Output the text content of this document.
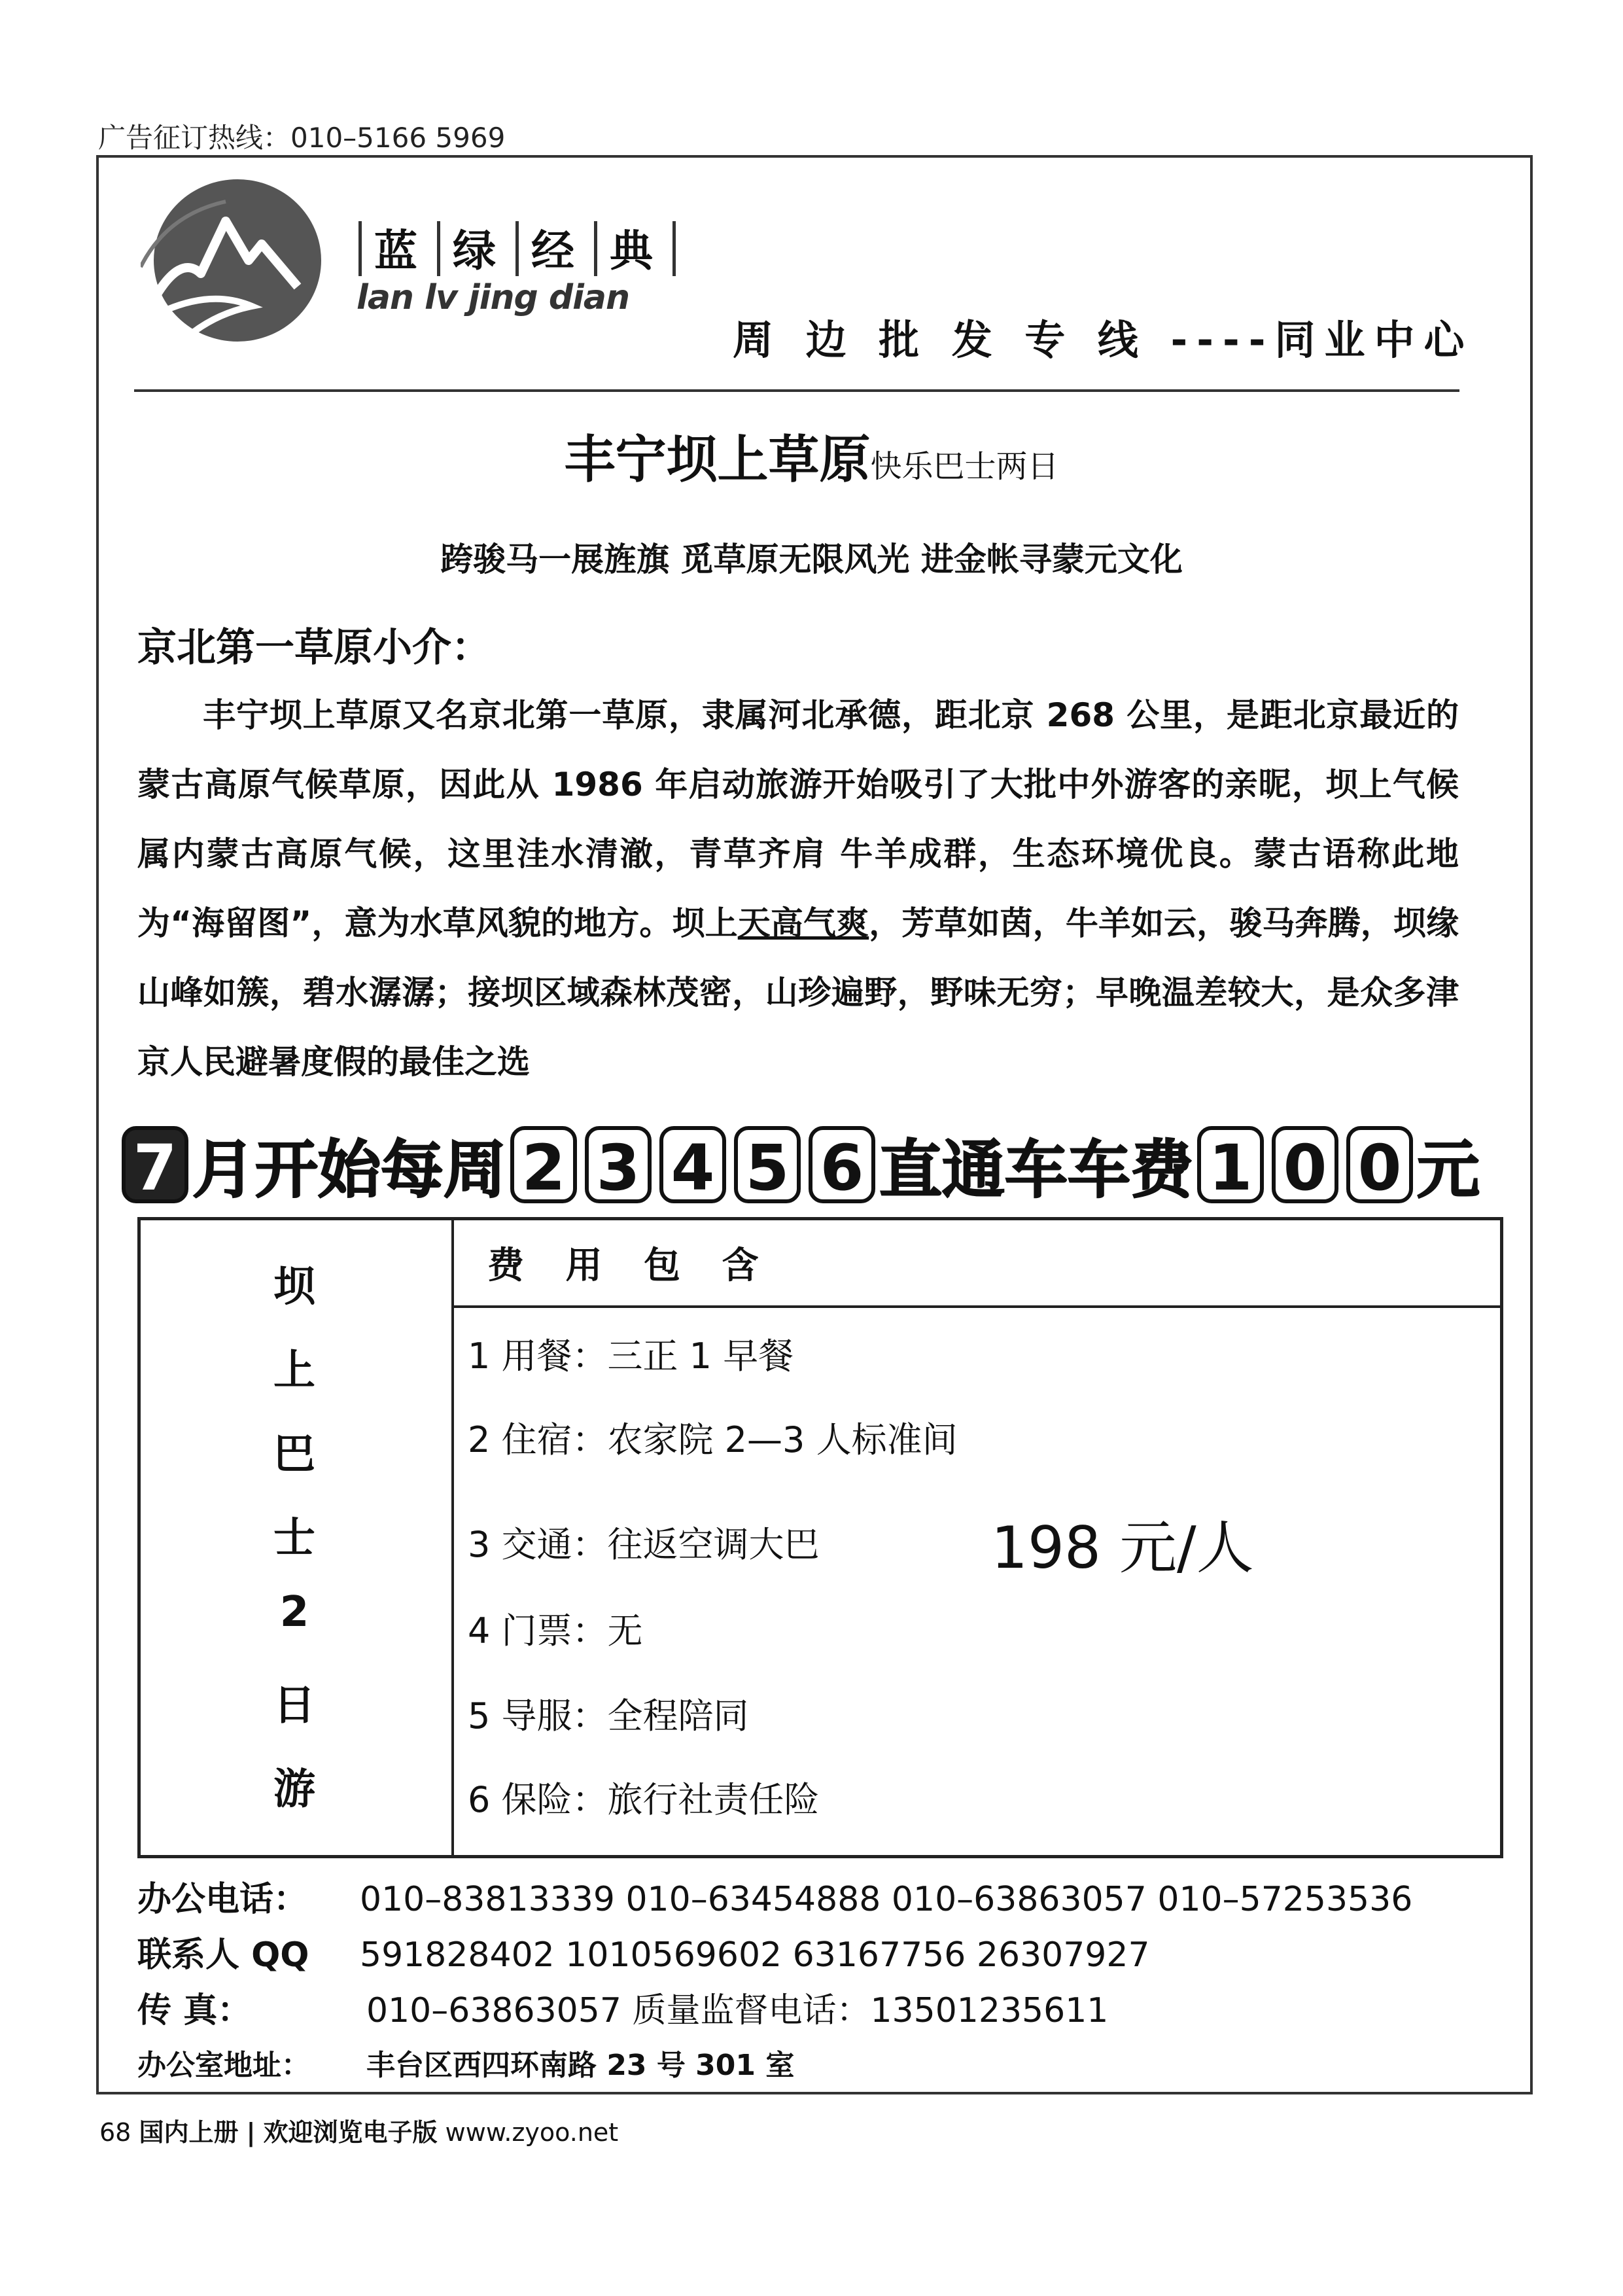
广告征订热线：010–5166 5969
蓝 绿 经 典
lan lv jing dian
周 边 批 发 专 线 ----同业中心
丰宁坝上草原快乐巴士两日
跨骏马一展旌旗 觅草原无限风光 进金帐寻蒙元文化
京北第一草原小介：
丰宁坝上草原又名京北第一草原，隶属河北承德，距北京 268 公里，是距北京最近的蒙古高原气候草原，因此从 1986 年启动旅游开始吸引了大批中外游客的亲昵，坝上气候属内蒙古高原气候，这里洼水清澈，青草齐肩 牛羊成群，生态环境优良。蒙古语称此地为“海留图”，意为水草风貌的地方。坝上天高气爽，芳草如茵，牛羊如云，骏马奔腾，坝缘山峰如簇，碧水潺潺；接坝区域森林茂密，山珍遍野，野味无穷；早晚温差较大，是众多津京人民避暑度假的最佳之选
7 月开始每周 2 3 4 5 6 直通车车费 1 0 0 元
坝
上
巴
士
2
日
游
费 用 包 含
1 用餐：三正 1 早餐
2 住宿：农家院 2—3 人标准间
3 交通：往返空调大巴
4 门票：无
5 导服：全程陪同
6 保险：旅行社责任险
198 元/人
办公电话： 010–83813339 010–63454888 010–63863057 010–57253536
联系人 QQ 591828402 1010569602 63167756 26307927
传 真：	010–63863057 质量监督电话：13501235611
办公室地址： 丰台区西四环南路 23 号 301 室
68 国内上册 | 欢迎浏览电子版 www.zyoo.net
